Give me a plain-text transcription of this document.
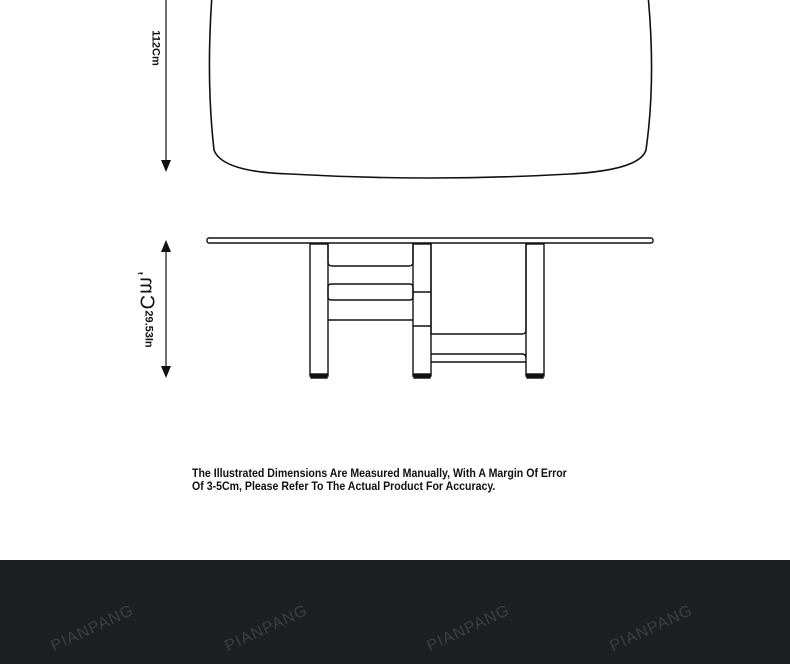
112Cm
29.53In
Cm,
The Illustrated Dimensions Are Measured Manually, With A Margin Of Error
Of 3-5Cm, Please Refer To The Actual Product For Accuracy.
PIANPANG	PIANPANG	PIANPANG	PIANPANG
